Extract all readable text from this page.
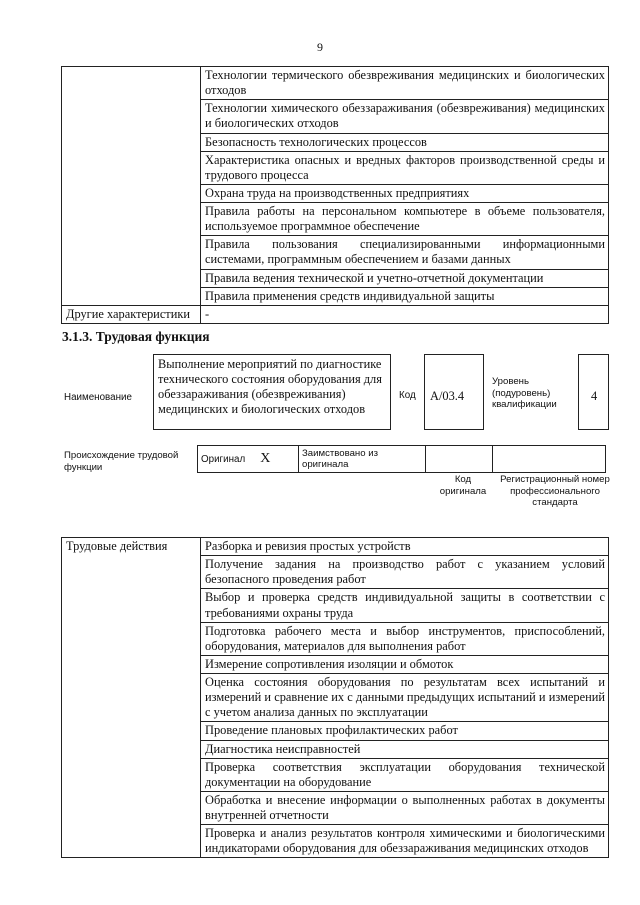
9
	Технологии термического обезвреживания медицинских и биологических отходов
	Технологии химического обеззараживания (обезвреживания) медицинских и биологических отходов
	Безопасность технологических процессов
	Характеристика опасных и вредных факторов производственной среды и трудового процесса
	Охрана труда на производственных предприятиях
	Правила работы на персональном компьютере в объеме пользователя, используемое программное обеспечение
	Правила пользования специализированными информационными системами, программным обеспечением и базами данных
	Правила ведения технической и учетно-отчетной документации
	Правила применения средств индивидуальной защиты
Другие характеристики	-
3.1.3. Трудовая функция
Наименование
Выполнение мероприятий по диагностике технического состояния оборудования для обеззараживания (обезвреживания) медицинских и биологических отходов
Код	А/03.4
Уровень (подуровень) квалификации
4
Происхождение трудовой функции
Оригинал X	Заимствовано из оригинала		
Код оригинала
Регистрационный номер профессионального стандарта
Трудовые действия	Разборка и ревизия простых устройств
Получение задания на производство работ с указанием условий безопасного проведения работ
Выбор и проверка средств индивидуальной защиты в соответствии с требованиями охраны труда
Подготовка рабочего места и выбор инструментов, приспособлений, оборудования, материалов для выполнения работ
Измерение сопротивления изоляции и обмоток
Оценка состояния оборудования по результатам всех испытаний и измерений и сравнение их с данными предыдущих испытаний и измерений с учетом анализа данных по эксплуатации
Проведение плановых профилактических работ
Диагностика неисправностей
Проверка соответствия эксплуатации оборудования технической документации на оборудование
Обработка и внесение информации о выполненных работах в документы внутренней отчетности
Проверка и анализ результатов контроля химическими и биологическими индикаторами оборудования для обеззараживания медицинских отходов
